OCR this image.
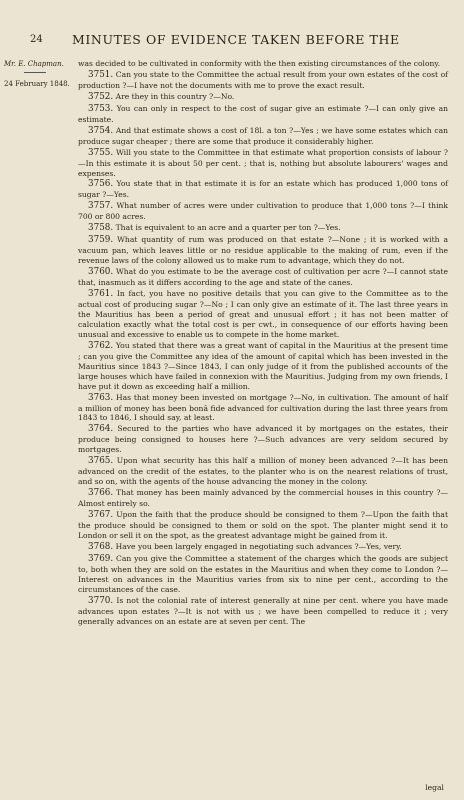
24 MINUTES OF EVIDENCE TAKEN BEFORE THE
Mr. E. Chapman.
24 February 1848.

was decided to be cultivated in conformity with the then existing circumstances of the colony.

3751. Can you state to the Committee the actual result from your own estates of the cost of production ?—I have not the documents with me to prove the exact result.

3752. Are they in this country ?—No.

3753. You can only in respect to the cost of sugar give an estimate ?—I can only give an estimate.

3754. And that estimate shows a cost of 18l. a ton ?—Yes ; we have some estates which can produce sugar cheaper ; there are some that produce it considerably higher.

3755. Will you state to the Committee in that estimate what proportion consists of labour ?—In this estimate it is about 50 per cent. ; that is, nothing but absolute labourers' wages and expenses.

3756. You state that in that estimate it is for an estate which has produced 1,000 tons of sugar ?—Yes.

3757. What number of acres were under cultivation to produce that 1,000 tons ?—I think 700 or 800 acres.

3758. That is equivalent to an acre and a quarter per ton ?—Yes.

3759. What quantity of rum was produced on that estate ?—None ; it is worked with a vacuum pan, which leaves little or no residue applicable to the making of rum, even if the revenue laws of the colony allowed us to make rum to advantage, which they do not.

3760. What do you estimate to be the average cost of cultivation per acre ?—I cannot state that, inasmuch as it differs according to the age and state of the canes.

3761. In fact, you have no positive details that you can give to the Committee as to the actual cost of producing sugar ?—No ; I can only give an estimate of it. The last three years in the Mauritius has been a period of great and unusual effort ; it has not been matter of calculation exactly what the total cost is per cwt., in consequence of our efforts having been unusual and excessive to enable us to compete in the home market.

3762. You stated that there was a great want of capital in the Mauritius at the present time ; can you give the Committee any idea of the amount of capital which has been invested in the Mauritius since 1843 ?—Since 1843, I can only judge of it from the published accounts of the large houses which have failed in connexion with the Mauritius. Judging from my own friends, I have put it down as exceeding half a million.

3763. Has that money been invested on mortgage ?—No, in cultivation. The amount of half a million of money has been bonâ fide advanced for cultivation during the last three years from 1843 to 1846, I should say, at least.

3764. Secured to the parties who have advanced it by mortgages on the estates, their produce being consigned to houses here ?—Such advances are very seldom secured by mortgages.

3765. Upon what security has this half a million of money been advanced ?—It has been advanced on the credit of the estates, to the planter who is on the nearest relations of trust, and so on, with the agents of the house advancing the money in the colony.

3766. That money has been mainly advanced by the commercial houses in this country ?—Almost entirely so.

3767. Upon the faith that the produce should be consigned to them ?—Upon the faith that the produce should be consigned to them or sold on the spot. The planter might send it to London or sell it on the spot, as the greatest advantage might be gained from it.

3768. Have you been largely engaged in negotiating such advances ?—Yes, very.

3769. Can you give the Committee a statement of the charges which the goods are subject to, both when they are sold on the estates in the Mauritius and when they come to London ?—Interest on advances in the Mauritius varies from six to nine per cent., according to the circumstances of the case.

3770. Is not the colonial rate of interest generally at nine per cent. where you have made advances upon estates ?—It is not with us ; we have been compelled to reduce it ; very generally advances on an estate are at seven per cent. The

legal
